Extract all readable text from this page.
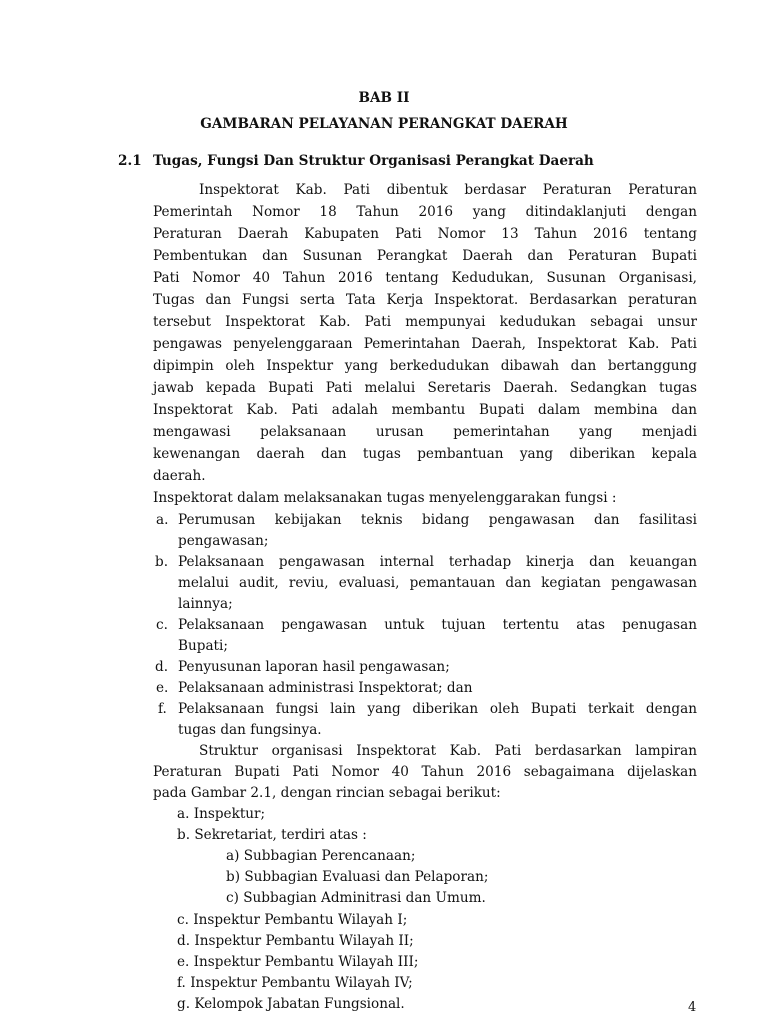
BAB II
GAMBARAN PELAYANAN PERANGKAT DAERAH
2.1 Tugas, Fungsi Dan Struktur Organisasi Perangkat Daerah
Inspektorat Kab. Pati dibentuk berdasar Peraturan Peraturan
Pemerintah Nomor 18 Tahun 2016 yang ditindaklanjuti dengan
Peraturan Daerah Kabupaten Pati Nomor 13 Tahun 2016 tentang
Pembentukan dan Susunan Perangkat Daerah dan Peraturan Bupati
Pati Nomor 40 Tahun 2016 tentang Kedudukan, Susunan Organisasi,
Tugas dan Fungsi serta Tata Kerja Inspektorat. Berdasarkan peraturan
tersebut Inspektorat Kab. Pati mempunyai kedudukan sebagai unsur
pengawas penyelenggaraan Pemerintahan Daerah, Inspektorat Kab. Pati
dipimpin oleh Inspektur yang berkedudukan dibawah dan bertanggung
jawab kepada Bupati Pati melalui Seretaris Daerah. Sedangkan tugas
Inspektorat Kab. Pati adalah membantu Bupati dalam membina dan
mengawasi pelaksanaan urusan pemerintahan yang menjadi
kewenangan daerah dan tugas pembantuan yang diberikan kepala
daerah.
Inspektorat dalam melaksanakan tugas menyelenggarakan fungsi :
a. Perumusan kebijakan teknis bidang pengawasan dan fasilitasi
pengawasan;
b. Pelaksanaan pengawasan internal terhadap kinerja dan keuangan
melalui audit, reviu, evaluasi, pemantauan dan kegiatan pengawasan
lainnya;
c. Pelaksanaan pengawasan untuk tujuan tertentu atas penugasan
Bupati;
d. Penyusunan laporan hasil pengawasan;
e. Pelaksanaan administrasi Inspektorat; dan
f. Pelaksanaan fungsi lain yang diberikan oleh Bupati terkait dengan
tugas dan fungsinya.
Struktur organisasi Inspektorat Kab. Pati berdasarkan lampiran
Peraturan Bupati Pati Nomor 40 Tahun 2016 sebagaimana dijelaskan
pada Gambar 2.1, dengan rincian sebagai berikut:
a. Inspektur;
b. Sekretariat, terdiri atas :
a) Subbagian Perencanaan;
b) Subbagian Evaluasi dan Pelaporan;
c) Subbagian Adminitrasi dan Umum.
c. Inspektur Pembantu Wilayah I;
d. Inspektur Pembantu Wilayah II;
e. Inspektur Pembantu Wilayah III;
f. Inspektur Pembantu Wilayah IV;
g. Kelompok Jabatan Fungsional.	4
